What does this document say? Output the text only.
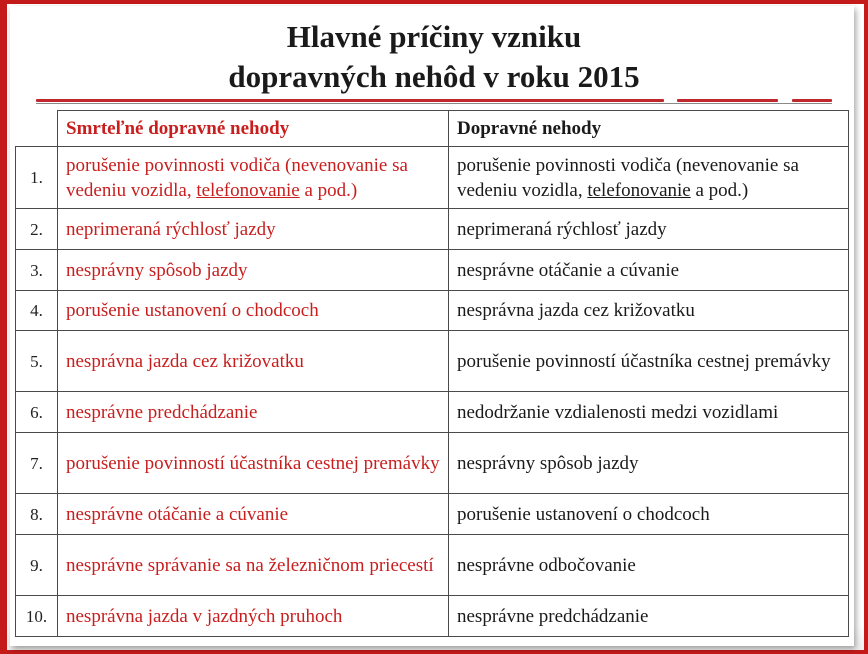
Hlavné príčiny vzniku
dopravných nehôd v roku 2015
	Smrteľné dopravné nehody	Dopravné nehody
1.	porušenie povinnosti vodiča (nevenovanie sa vedeniu vozidla, telefonovanie a pod.)	porušenie povinnosti vodiča (nevenovanie sa vedeniu vozidla, telefonovanie a pod.)
2.	neprimeraná rýchlosť jazdy	neprimeraná rýchlosť jazdy
3.	nesprávny spôsob jazdy	nesprávne otáčanie a cúvanie
4.	porušenie ustanovení o chodcoch	nesprávna jazda cez križovatku
5.	nesprávna jazda cez križovatku	porušenie povinností účastníka cestnej premávky
6.	nesprávne predchádzanie	nedodržanie vzdialenosti medzi vozidlami
7.	porušenie povinností účastníka cestnej premávky	nesprávny spôsob jazdy
8.	nesprávne otáčanie a cúvanie	porušenie ustanovení o chodcoch
9.	nesprávne správanie sa na železničnom priecestí	nesprávne odbočovanie
10.	nesprávna jazda v jazdných pruhoch	nesprávne predchádzanie
